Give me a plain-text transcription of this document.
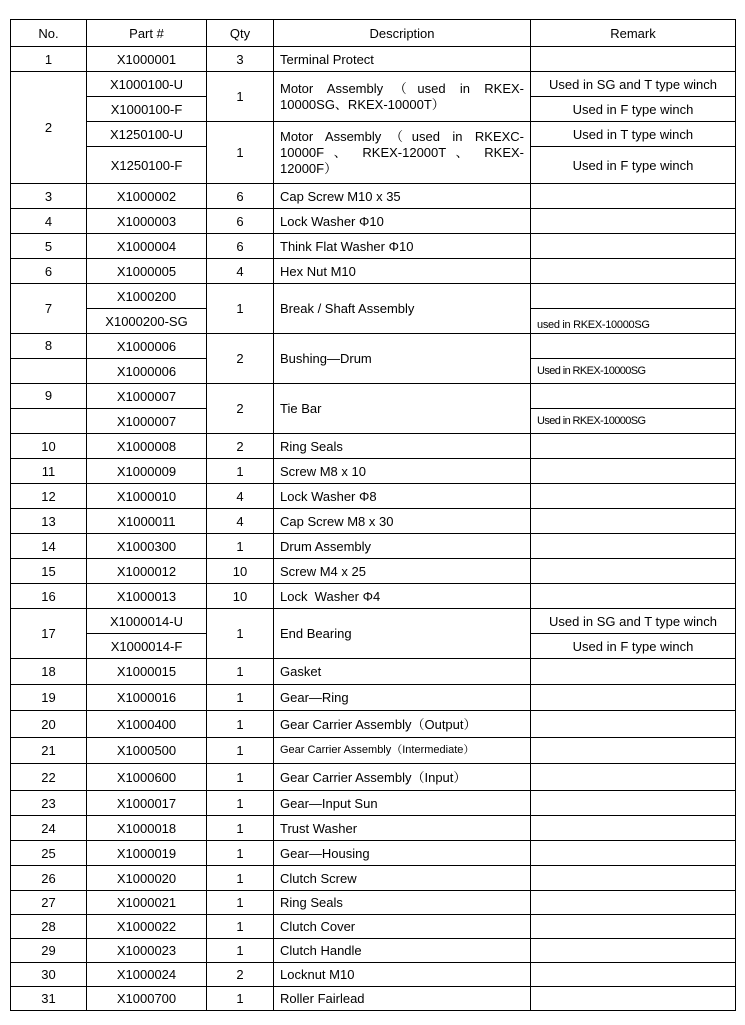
No.	Part #	Qty	Description	Remark
1	X1000001	3	Terminal Protect	
2	X1000100-U	1	Motor Assembly（used in RKEX-10000SG、RKEX-10000T）	Used in SG and T type winch
	X1000100-F			Used in F type winch
	X1250100-U	1	Motor Assembly（used in RKEXC-10000F 、 RKEX-12000T 、 RKEX-12000F）	Used in T type winch
	X1250100-F			Used in F type winch
3	X1000002	6	Cap Screw M10 x 35	
4	X1000003	6	Lock Washer Φ10	
5	X1000004	6	Think Flat Washer Φ10	
6	X1000005	4	Hex Nut M10	
7	X1000200	1	Break / Shaft Assembly	
	X1000200-SG			used in RKEX-10000SG
8	X1000006	2	Bushing—Drum	
	X1000006			Used in RKEX-10000SG
9	X1000007	2	Tie Bar	
	X1000007			Used in RKEX-10000SG
10	X1000008	2	Ring Seals	
11	X1000009	1	Screw M8 x 10	
12	X1000010	4	Lock Washer Φ8	
13	X1000011	4	Cap Screw M8 x 30	
14	X1000300	1	Drum Assembly	
15	X1000012	10	Screw M4 x 25	
16	X1000013	10	Lock  Washer Φ4	
17	X1000014-U	1	End Bearing	Used in SG and T type winch
	X1000014-F			Used in F type winch
18	X1000015	1	Gasket	
19	X1000016	1	Gear—Ring	
20	X1000400	1	Gear Carrier Assembly（Output）	
21	X1000500	1	Gear Carrier Assembly（Intermediate）	
22	X1000600	1	Gear Carrier Assembly（Input）	
23	X1000017	1	Gear—Input Sun	
24	X1000018	1	Trust Washer	
25	X1000019	1	Gear—Housing	
26	X1000020	1	Clutch Screw	
27	X1000021	1	Ring Seals	
28	X1000022	1	Clutch Cover	
29	X1000023	1	Clutch Handle	
30	X1000024	2	Locknut M10	
31	X1000700	1	Roller Fairlead	
